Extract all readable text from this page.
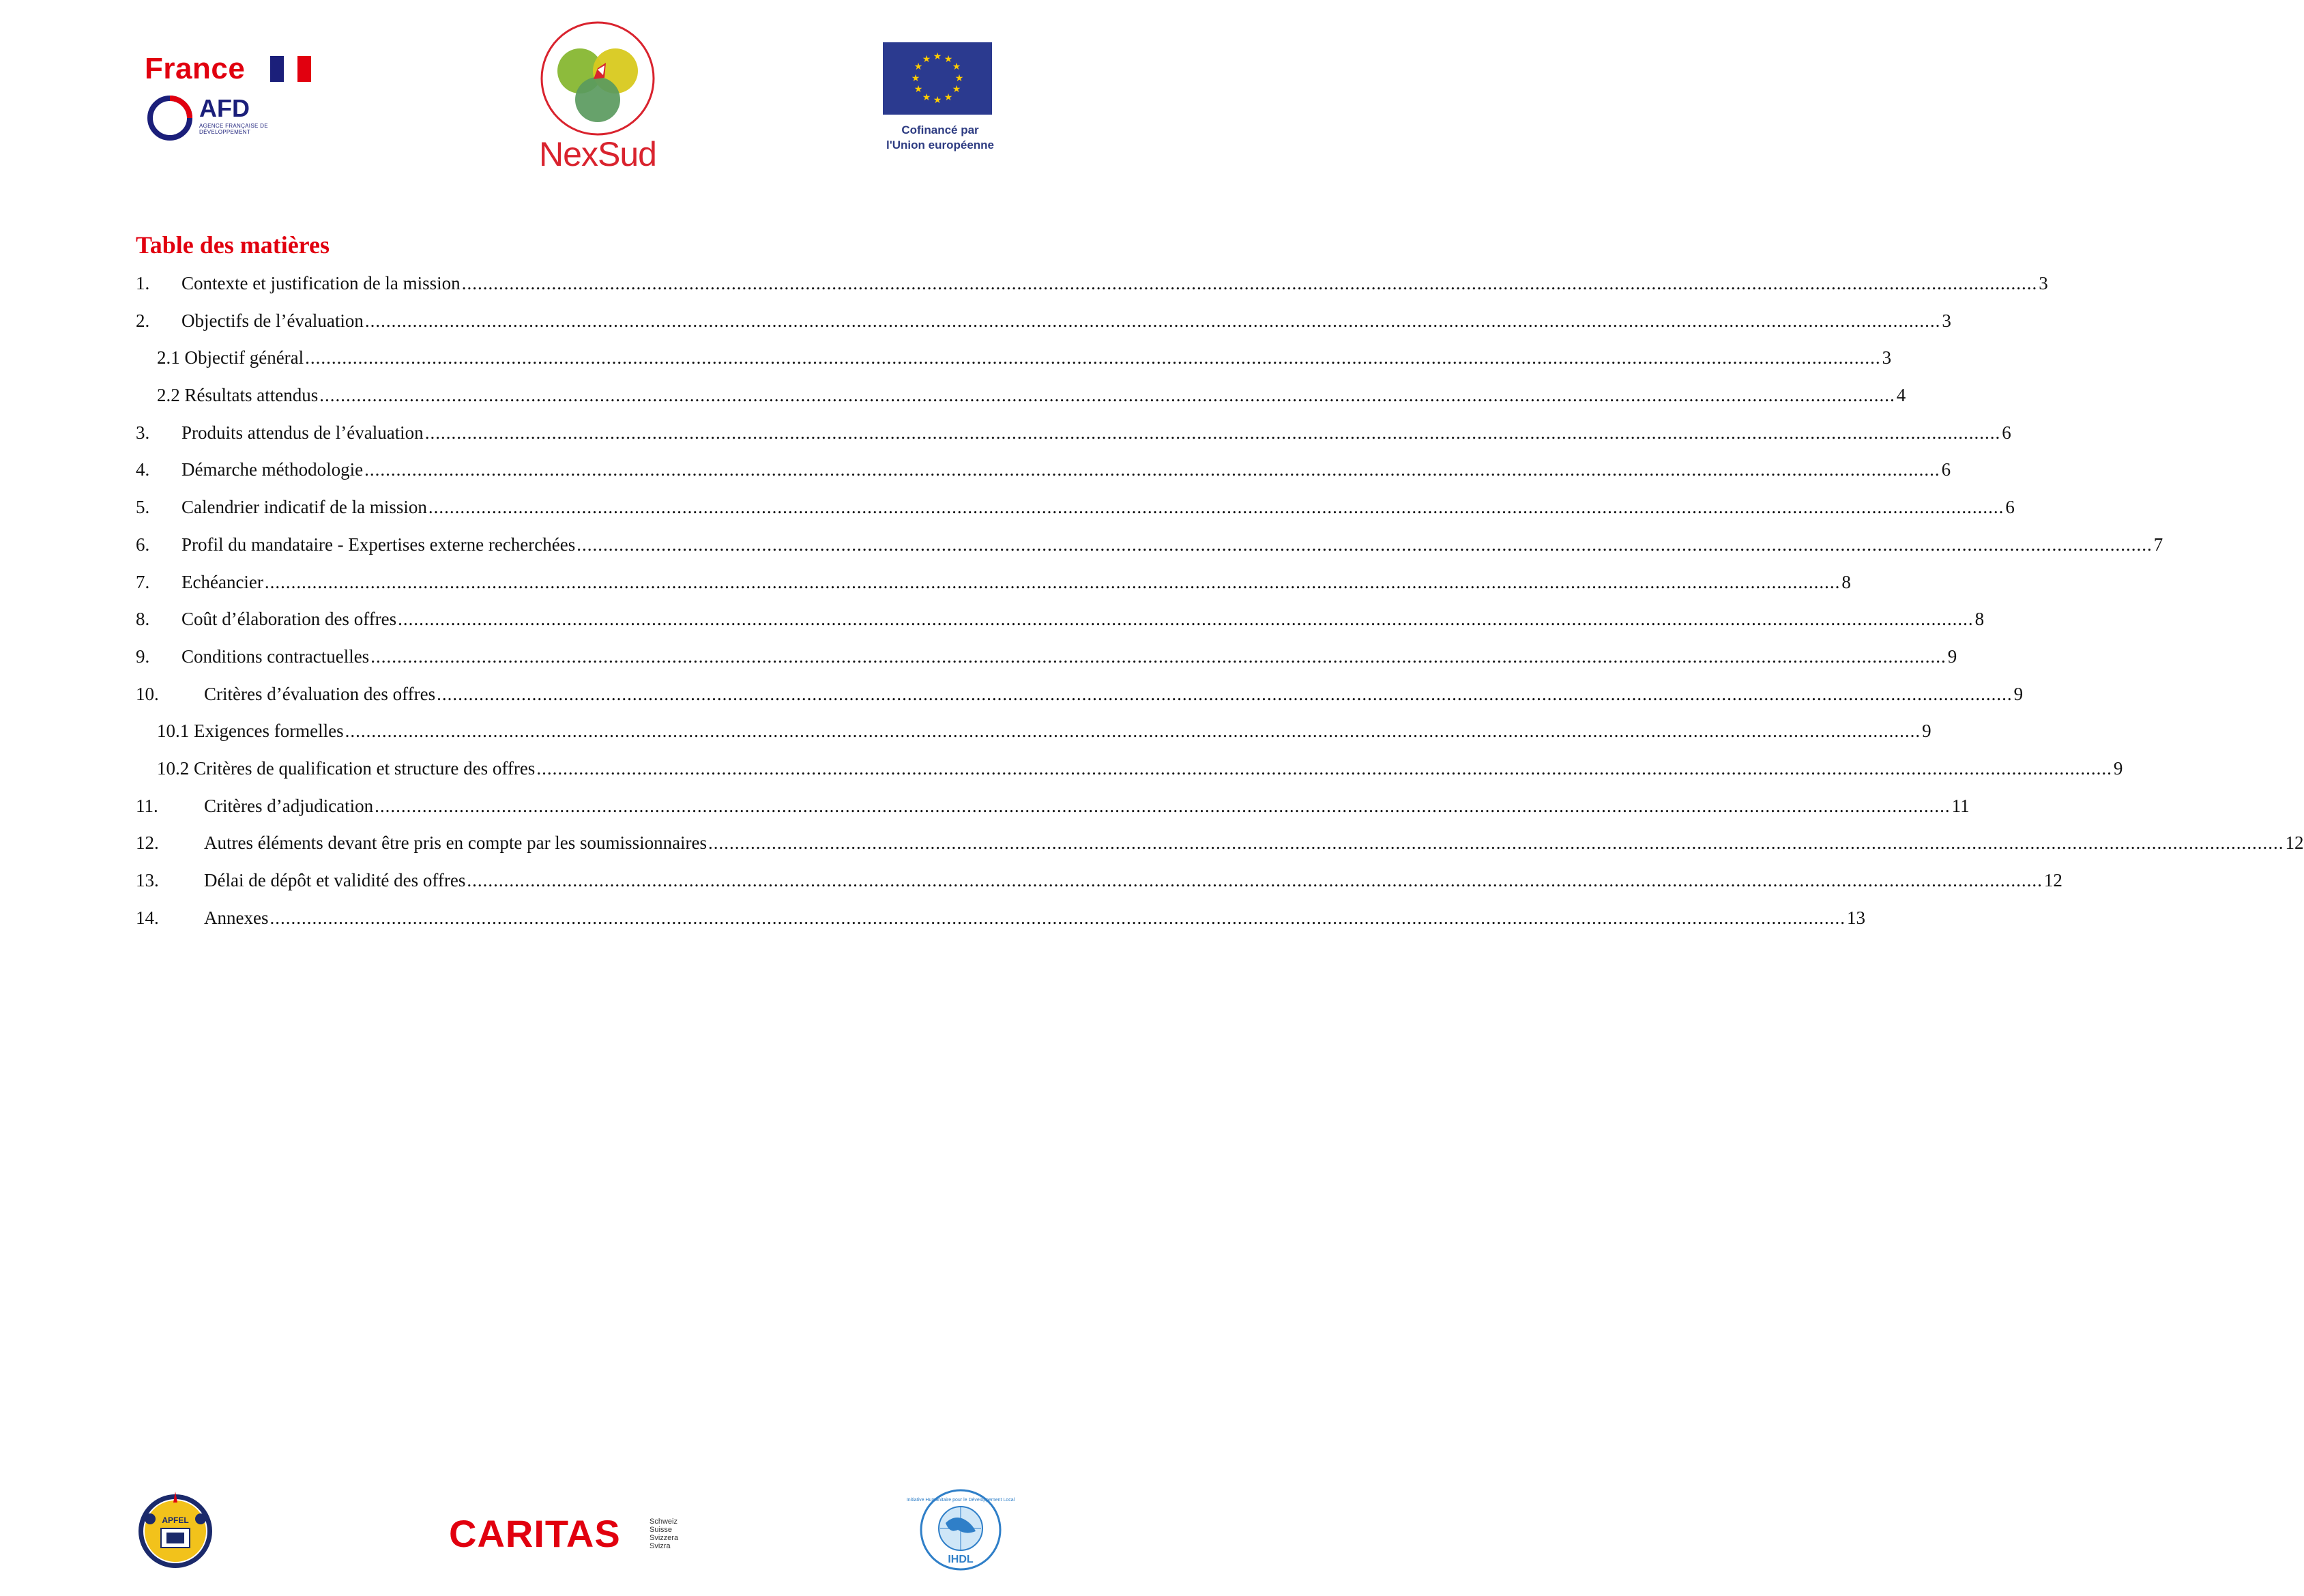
France
AFD
AGENCE FRANÇAISE DE DÉVELOPPEMENT
NexSud
★ ★
★
★
★
★
★
★
★
★
★
★
Cofinancé par
l'Union européenne
Table des matières
1. Contexte et justification de la mission .....	3
2. Objectifs de l’évaluation .....	3
2.1 Objectif général .....	3
2.2 Résultats attendus .....	4
3. Produits attendus de l’évaluation .....	6
4. Démarche méthodologie .....	6
5. Calendrier indicatif de la mission .....	6
6. Profil du mandataire - Expertises externe recherchées .....	7
7. Echéancier .....	8
8. Coût d’élaboration des offres .....	8
9. Conditions contractuelles .....	9
10. Critères d’évaluation des offres .....	9
10.1 Exigences formelles .....	9
10.2 Critères de qualification et structure des offres .....	9
11. Critères d’adjudication .....	11
12. Autres éléments devant être pris en compte par les soumissionnaires .....	12
13. Délai de dépôt et validité des offres .....	12
14. Annexes .....	13
APFEL	CARITAS	Schweiz
Suisse
Svizzera
Svizra
IHDL
Initiative Humanitaire pour le Développement Local
